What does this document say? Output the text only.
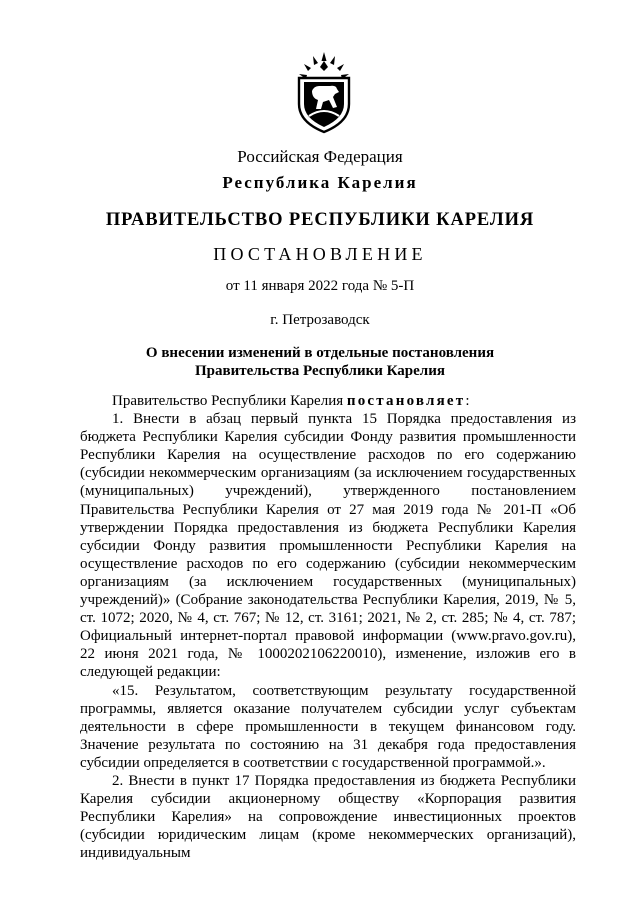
Российская Федерация
Республика Карелия
ПРАВИТЕЛЬСТВО РЕСПУБЛИКИ КАРЕЛИЯ
ПОСТАНОВЛЕНИЕ
от 11 января 2022 года № 5-П
г. Петрозаводск
О внесении изменений в отдельные постановления
Правительства Республики Карелия

Правительство Республики Карелия постановляет:

1. Внести в абзац первый пункта 15 Порядка предоставления из бюджета Республики Карелия субсидии Фонду развития промышленности Республики Карелия на осуществление расходов по его содержанию (субсидии некоммерческим организациям (за исключением государственных (муниципальных) учреждений), утвержденного постановлением Правительства Республики Карелия от 27 мая 2019 года № 201-П «Об утверждении Порядка предоставления из бюджета Республики Карелия субсидии Фонду развития промышленности Республики Карелия на осуществление расходов по его содержанию (субсидии некоммерческим организациям (за исключением государственных (муниципальных) учреждений)» (Собрание законодательства Республики Карелия, 2019, № 5, ст. 1072; 2020, № 4, ст. 767; № 12, ст. 3161; 2021, № 2, ст. 285; № 4, ст. 787; Официальный интернет-портал правовой информации (www.pravo.gov.ru), 22 июня 2021 года, № 1000202106220010), изменение, изложив его в следующей редакции:

«15. Результатом, соответствующим результату государственной программы, является оказание получателем субсидии услуг субъектам деятельности в сфере промышленности в текущем финансовом году. Значение результата по состоянию на 31 декабря года предоставления субсидии определяется в соответствии с государственной программой.».

2. Внести в пункт 17 Порядка предоставления из бюджета Республики Карелия субсидии акционерному обществу «Корпорация развития Республики Карелия» на сопровождение инвестиционных проектов (субсидии юридическим лицам (кроме некоммерческих организаций), индивидуальным
